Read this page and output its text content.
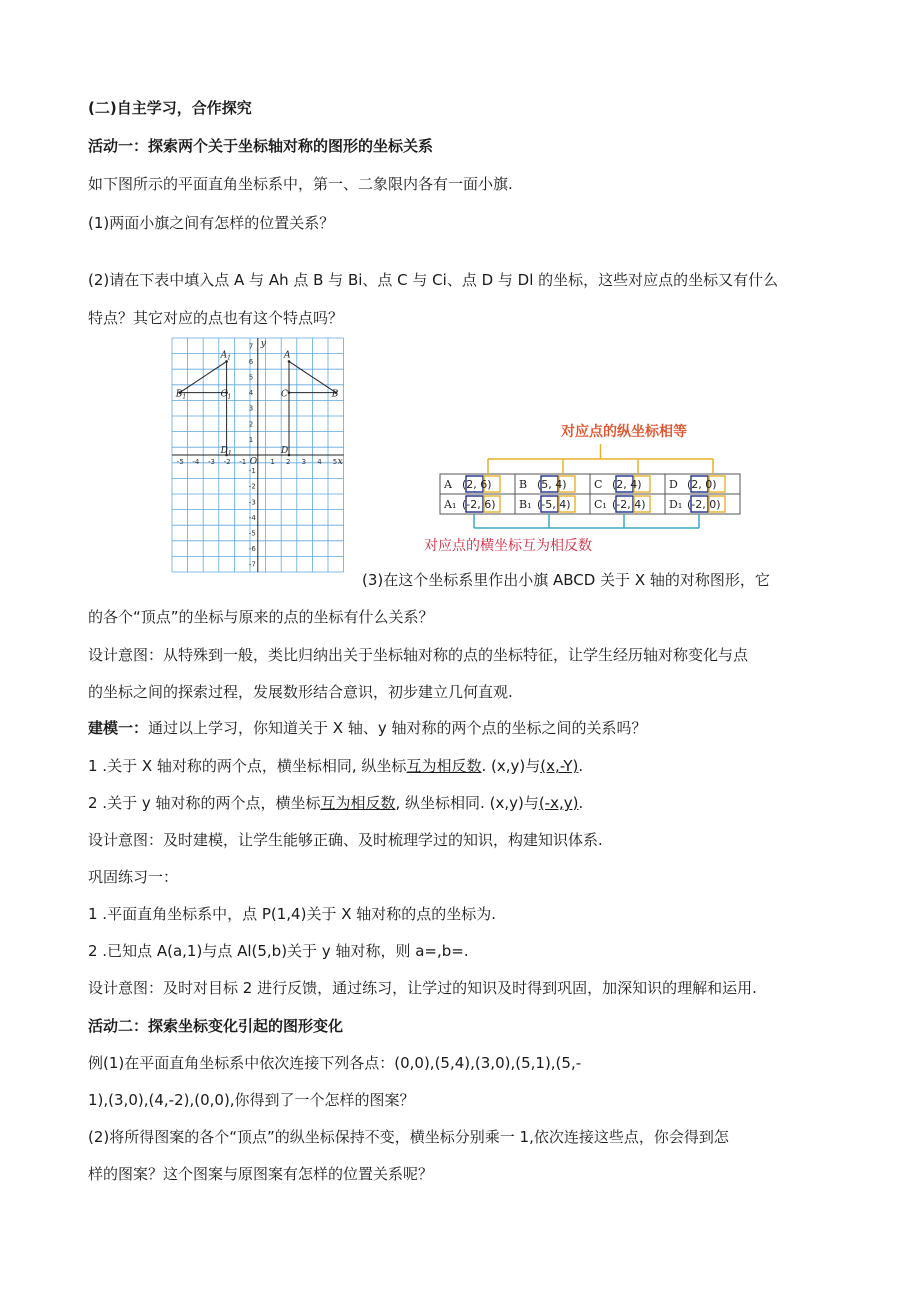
(二)自主学习，合作探究
活动一：探索两个关于坐标轴对称的图形的坐标关系
如下图所示的平面直角坐标系中，第一、二象限内各有一面小旗.
(1)两面小旗之间有怎样的位置关系？
(2)请在下表中填入点 A 与 Ah 点 B 与 Bi、点 C 与 Ci、点 D 与 Dl 的坐标，这些对应点的坐标又有什么
特点？其它对应的点也有这个特点吗？
x
y
-5 -4 -3 -2 -1 O 1 2 3 4 5
7
6
5
4
3
2
1
-1
-2
-3
-4
-5
-6
-7
A
B
C
D
$A_1$
$B_1$	$C_1$
$D_1$
对应点的纵坐标相等
对应点的横坐标互为相反数
A (2, 6) B (5, 4) C (2, 4) D (2, 0)
A₁ (-2, 6) B₁ (-5, 4) C₁ (-2, 4) D₁ (-2, 0)
(3)在这个坐标系里作出小旗 ABCD 关于 X 轴的对称图形，它
的各个“顶点”的坐标与原来的点的坐标有什么关系？
设计意图：从特殊到一般，类比归纳出关于坐标轴对称的点的坐标特征，让学生经历轴对称变化与点
的坐标之间的探索过程，发展数形结合意识，初步建立几何直观.
建模一：通过以上学习，你知道关于 X 轴、y 轴对称的两个点的坐标之间的关系吗？
1 .关于 X 轴对称的两个点，横坐标相同, 纵坐标互为相反数. (x,y)与(x,-Y).
2 .关于 y 轴对称的两个点，横坐标互为相反数, 纵坐标相同. (x,y)与(-x,y).
设计意图：及时建模，让学生能够正确、及时梳理学过的知识，构建知识体系.
巩固练习一：
1 .平面直角坐标系中，点 P(1,4)关于 X 轴对称的点的坐标为.
2 .已知点 A(a,1)与点 Al(5,b)关于 y 轴对称，则 a=,b=.
设计意图：及时对目标 2 进行反馈，通过练习，让学过的知识及时得到巩固，加深知识的理解和运用.
活动二：探索坐标变化引起的图形变化
例(1)在平面直角坐标系中依次连接下列各点：(0,0),(5,4),(3,0),(5,1),(5,-
1),(3,0),(4,-2),(0,0),你得到了一个怎样的图案？
(2)将所得图案的各个“顶点”的纵坐标保持不变，横坐标分别乘一 1,依次连接这些点，你会得到怎
样的图案？这个图案与原图案有怎样的位置关系呢？
